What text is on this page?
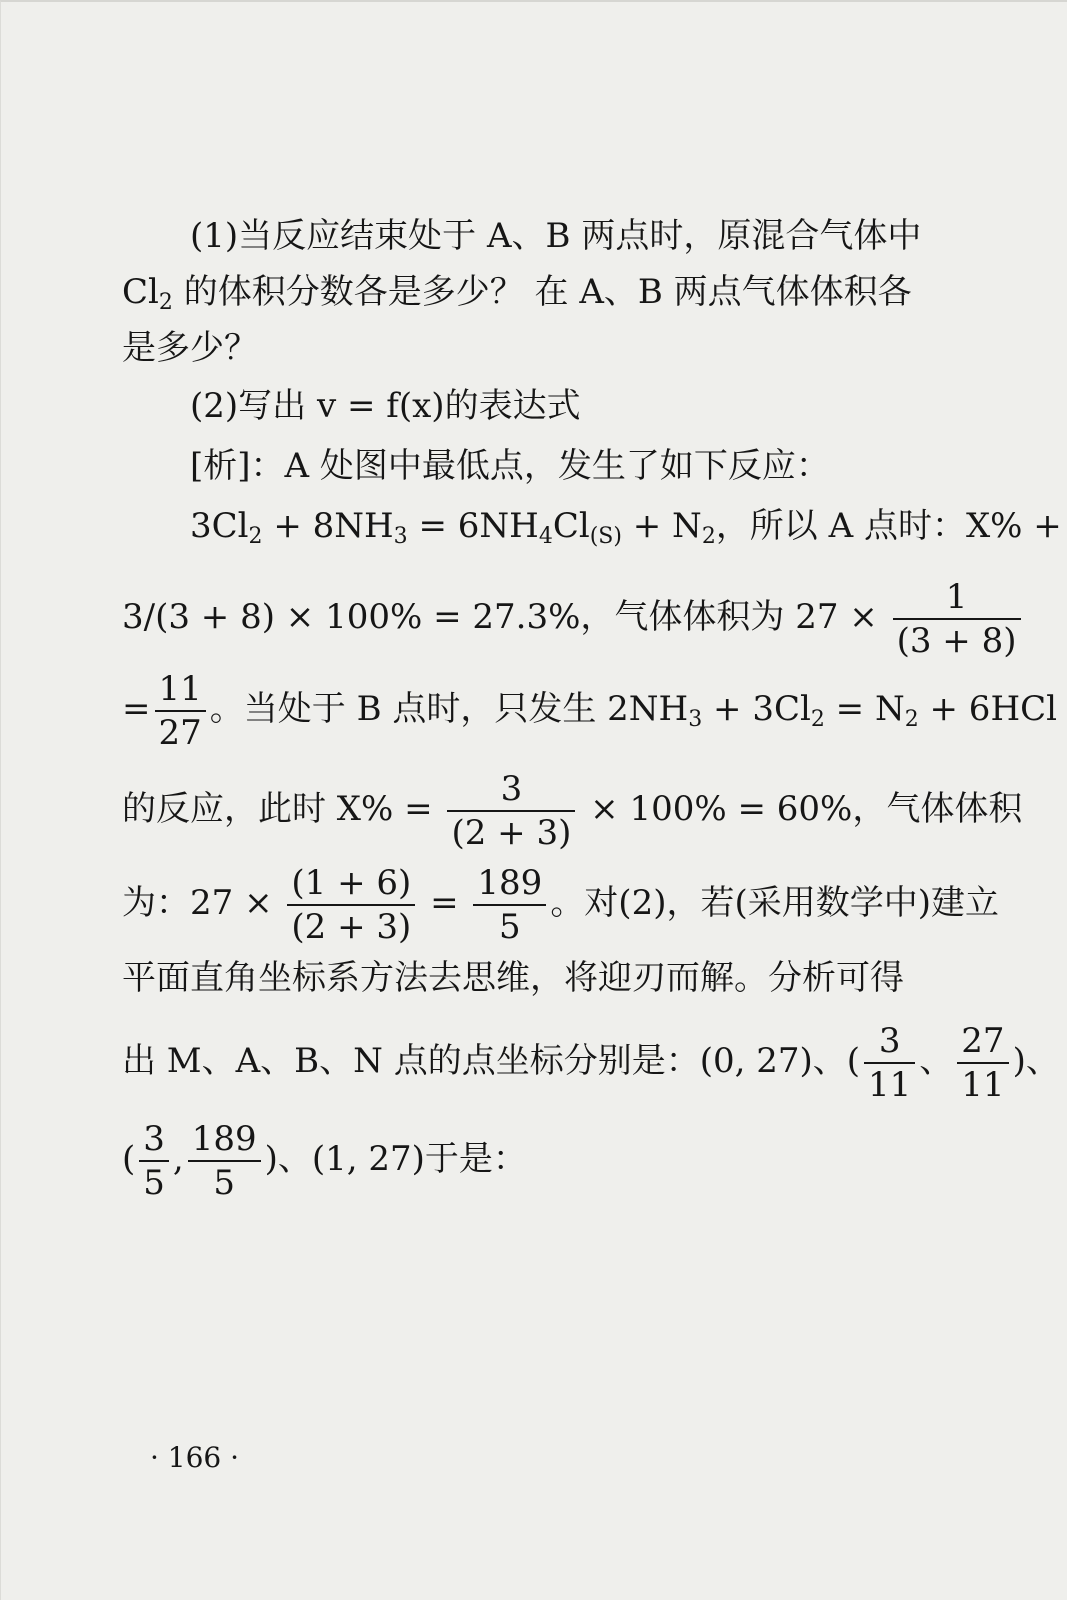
(1)当反应结束处于 A、B 两点时，原混合气体中
$Cl_2$ 的体积分数各是多少？ 在 A、B 两点气体体积各
是多少？
(2)写出 v = f(x)的表达式
[析]：A 处图中最低点，发生了如下反应：
$3Cl_2 + 8NH_3 = 6NH_4Cl_{(S)} + N_2$，所以 A 点时：X% +
3/(3 + 8) × 100% = 27.3%，气体体积为 $27 \times \frac{1}{(3 + 8)}$
= $\frac{11}{27}$ 。当处于 B 点时，只发生 $2NH_3 + 3Cl_2 = N_2 + 6HCl$
的反应，此时 $X\% = \frac{3}{(2 + 3)} \times 100\% = 60\%$，气体体积
为：$27 \times \frac{(1 + 6)}{(2 + 3)} = \frac{189}{5}$ 。对(2)，若(采用数学中)建立
平面直角坐标系方法去思维，将迎刃而解。分析可得
出 M、A、B、N 点的点坐标分别是：(0, 27)、( $\frac{3}{11}$ 、 $\frac{27}{11}$ )、
( $\frac{3}{5}$ , $\frac{189}{5}$ )、(1, 27)于是：
· 166 ·
